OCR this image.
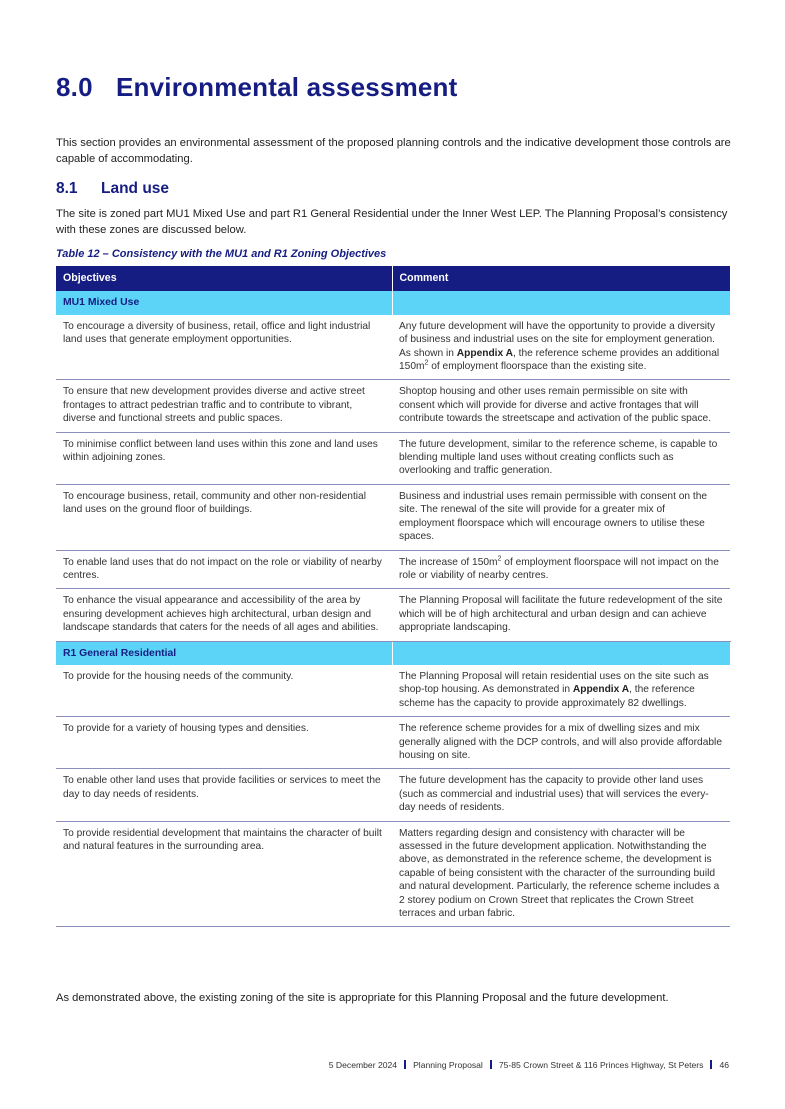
8.0 Environmental assessment

This section provides an environmental assessment of the proposed planning controls and the indicative development those controls are capable of accommodating.

8.1 Land use

The site is zoned part MU1 Mixed Use and part R1 General Residential under the Inner West LEP. The Planning Proposal’s consistency with these zones are discussed below.

Table 12 – Consistency with the MU1 and R1 Zoning Objectives

Objectives	Comment
MU1 Mixed Use	
To encourage a diversity of business, retail, office and light industrial land uses that generate employment opportunities.	Any future development will have the opportunity to provide a diversity of business and industrial uses on the site for employment generation. As shown in Appendix A, the reference scheme provides an additional $150m^2$ of employment floorspace than the existing site.
To ensure that new development provides diverse and active street frontages to attract pedestrian traffic and to contribute to vibrant, diverse and functional streets and public spaces.	Shoptop housing and other uses remain permissible on site with consent which will provide for diverse and active frontages that will contribute towards the streetscape and activation of the public space.
To minimise conflict between land uses within this zone and land uses within adjoining zones.	The future development, similar to the reference scheme, is capable to blending multiple land uses without creating conflicts such as overlooking and traffic generation.
To encourage business, retail, community and other non-residential land uses on the ground floor of buildings.	Business and industrial uses remain permissible with consent on the site. The renewal of the site will provide for a greater mix of employment floorspace which will encourage owners to utilise these spaces.
To enable land uses that do not impact on the role or viability of nearby centres.	The increase of $150m^2$ of employment floorspace will not impact on the role or viability of nearby centres.
To enhance the visual appearance and accessibility of the area by ensuring development achieves high architectural, urban design and landscape standards that caters for the needs of all ages and abilities.	The Planning Proposal will facilitate the future redevelopment of the site which will be of high architectural and urban design and can achieve appropriate landscaping.
R1 General Residential	
To provide for the housing needs of the community.	The Planning Proposal will retain residential uses on the site such as shop-top housing. As demonstrated in Appendix A, the reference scheme has the capacity to provide approximately 82 dwellings.
To provide for a variety of housing types and densities.	The reference scheme provides for a mix of dwelling sizes and mix generally aligned with the DCP controls, and will also provide affordable housing on site.
To enable other land uses that provide facilities or services to meet the day to day needs of residents.	The future development has the capacity to provide other land uses (such as commercial and industrial uses) that will services the every-day needs of residents.
To provide residential development that maintains the character of built and natural features in the surrounding area.	Matters regarding design and consistency with character will be assessed in the future development application. Notwithstanding the above, as demonstrated in the reference scheme, the development is capable of being consistent with the character of the surrounding build and natural development. Particularly, the reference scheme includes a 2 storey podium on Crown Street that replicates the Crown Street terraces and urban fabric.

As demonstrated above, the existing zoning of the site is appropriate for this Planning Proposal and the future development.

5 December 2024 Planning Proposal 75-85 Crown Street & 116 Princes Highway, St Peters 46
